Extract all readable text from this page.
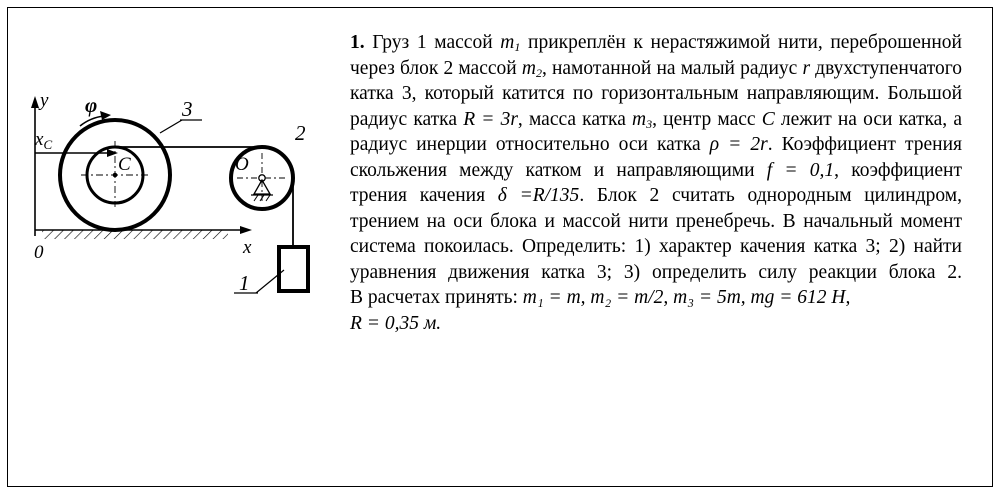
y
x
0
C
$x_C$
φ	3
O
2
1

1. Груз 1 массой $m_1$ прикреплён к нерастяжимой нити, переброшенной через блок 2 массой $m_2$, намотанной на малый радиус r двухступенчатого катка 3, который катится по горизонтальным направляющим. Большой радиус катка R = 3r, масса катка $m_3$, центр масс C лежит на оси катка, а радиус инерции относительно оси катка ρ = 2r. Коэффициент трения скольжения между катком и направляющими f = 0,1, коэффициент трения качения δ =R/135. Блок 2 считать однородным цилиндром, трением на оси блока и массой нити пренебречь. В начальный момент система покоилась. Определить: 1) характер качения катка 3; 2) найти уравнения движения катка 3; 3) определить силу реакции блока 2.

В расчетах принять: m₁ = m, m₂ = m/2, m₃ = 5m, mg = 612 Н,
R = 0,35 м.
